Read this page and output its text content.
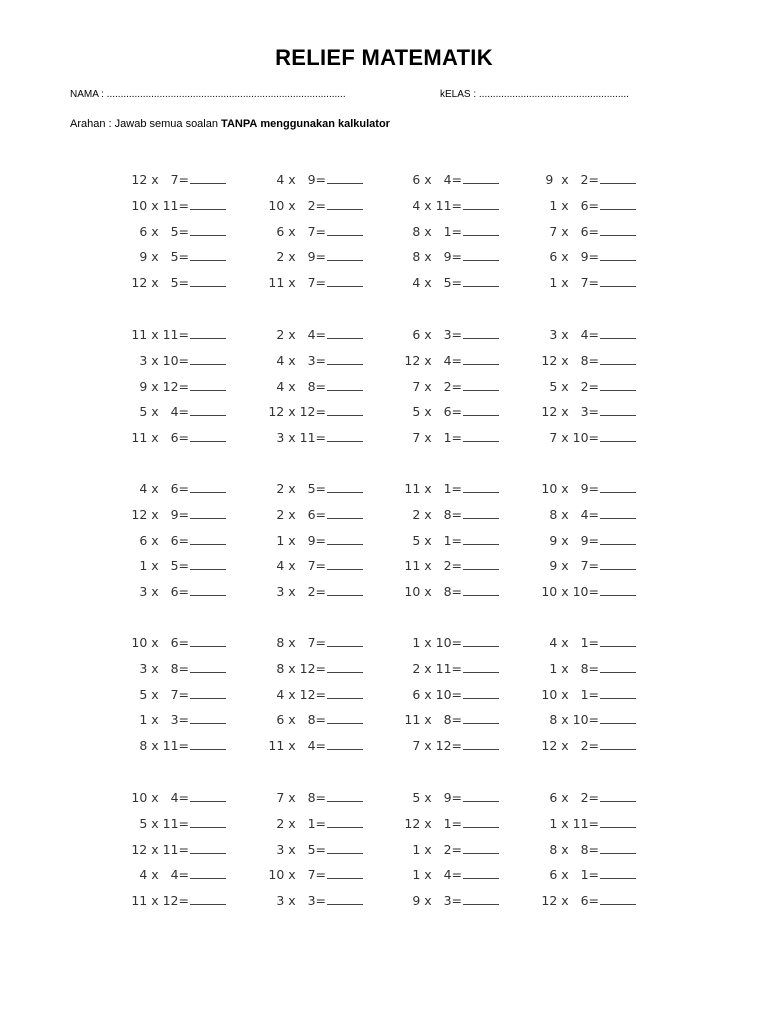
RELIEF MATEMATIK
NAMA : ......................................................................................	kELAS : ......................................................
Arahan : Jawab semua soalan TANPA menggunakan kalkulator
12 x   7=	4 x   9=	6 x   4=	9  x   2=
10 x 11=	10 x   2=	4 x 11=	1 x   6=
6 x   5=	6 x   7=	8 x   1=	7 x   6=
9 x   5=	2 x   9=	8 x   9=	6 x   9=
12 x   5=	11 x   7=	4 x   5=	1 x   7=
11 x 11=	2 x   4=	6 x   3=	3 x   4=
3 x 10=	4 x   3=	12 x   4=	12 x   8=
9 x 12=	4 x   8=	7 x   2=	5 x   2=
5 x   4=	12 x 12=	5 x   6=	12 x   3=
11 x   6=	3 x 11=	7 x   1=	7 x 10=
4 x   6=	2 x   5=	11 x   1=	10 x   9=
12 x   9=	2 x   6=	2 x   8=	8 x   4=
6 x   6=	1 x   9=	5 x   1=	9 x   9=
1 x   5=	4 x   7=	11 x   2=	9 x   7=
3 x   6=	3 x   2=	10 x   8=	10 x 10=
10 x   6=	8 x   7=	1 x 10=	4 x   1=
3 x   8=	8 x 12=	2 x 11=	1 x   8=
5 x   7=	4 x 12=	6 x 10=	10 x   1=
1 x   3=	6 x   8=	11 x   8=	8 x 10=
8 x 11=	11 x   4=	7 x 12=	12 x   2=
10 x   4=	7 x   8=	5 x   9=	6 x   2=
5 x 11=	2 x   1=	12 x   1=	1 x 11=
12 x 11=	3 x   5=	1 x   2=	8 x   8=
4 x   4=	10 x   7=	1 x   4=	6 x   1=
11 x 12=	3 x   3=	9 x   3=	12 x   6=
